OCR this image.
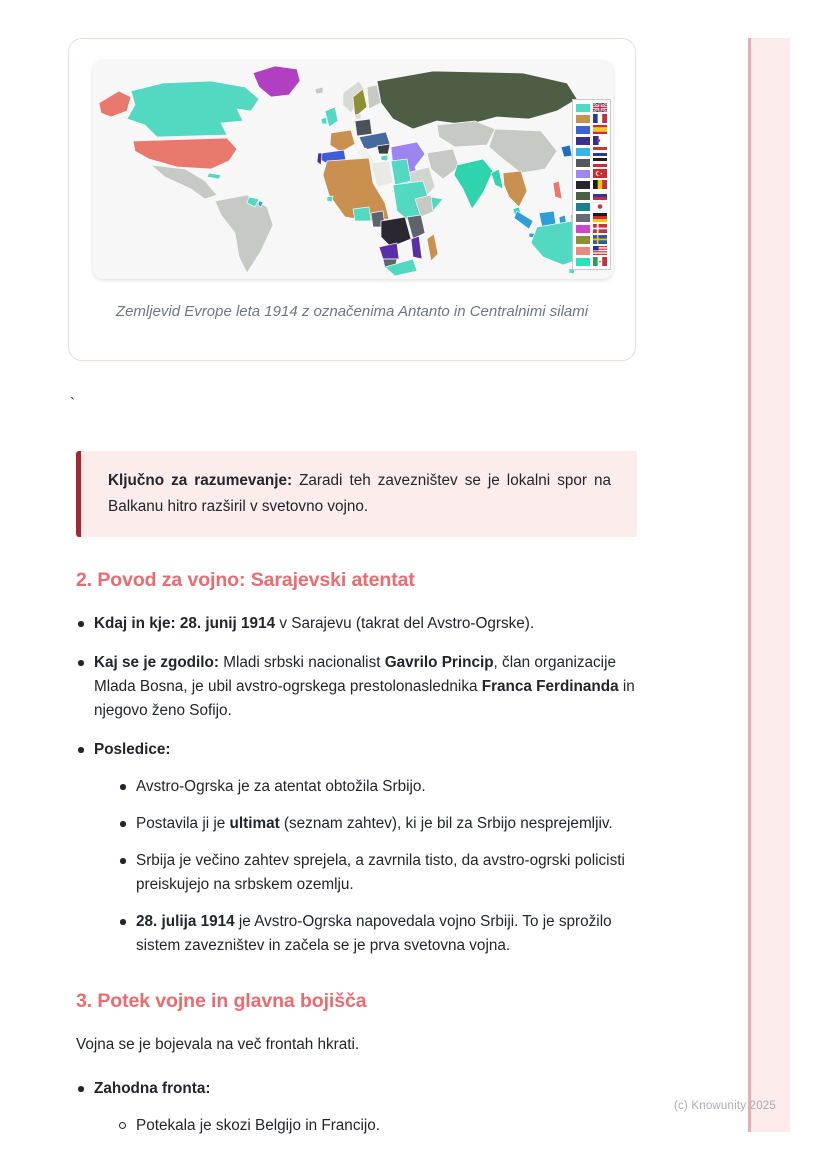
Zemljevid Evrope leta 1914 z označenima Antanto in Centralnimi silami
`
Ključno za razumevanje: Zaradi teh zavezništev se je lokalni spor na Balkanu hitro razširil v svetovno vojno.
2. Povod za vojno: Sarajevski atentat
Kdaj in kje: 28. junij 1914 v Sarajevu (takrat del Avstro-Ogrske).
Kaj se je zgodilo: Mladi srbski nacionalist Gavrilo Princip, član organizacije Mlada Bosna, je ubil avstro-ogrskega prestolonaslednika Franca Ferdinanda in njegovo ženo Sofijo.
Posledice:
Avstro-Ogrska je za atentat obtožila Srbijo.
Postavila ji je ultimat (seznam zahtev), ki je bil za Srbijo nesprejemljiv.
Srbija je večino zahtev sprejela, a zavrnila tisto, da avstro-ogrski policisti preiskujejo na srbskem ozemlju.
28. julija 1914 je Avstro-Ogrska napovedala vojno Srbiji. To je sprožilo sistem zavezništev in začela se je prva svetovna vojna.
3. Potek vojne in glavna bojišča

Vojna se je bojevala na več frontah hkrati.

Zahodna fronta:
Potekala je skozi Belgijo in Francijo.
(c) Knowunity 2025
